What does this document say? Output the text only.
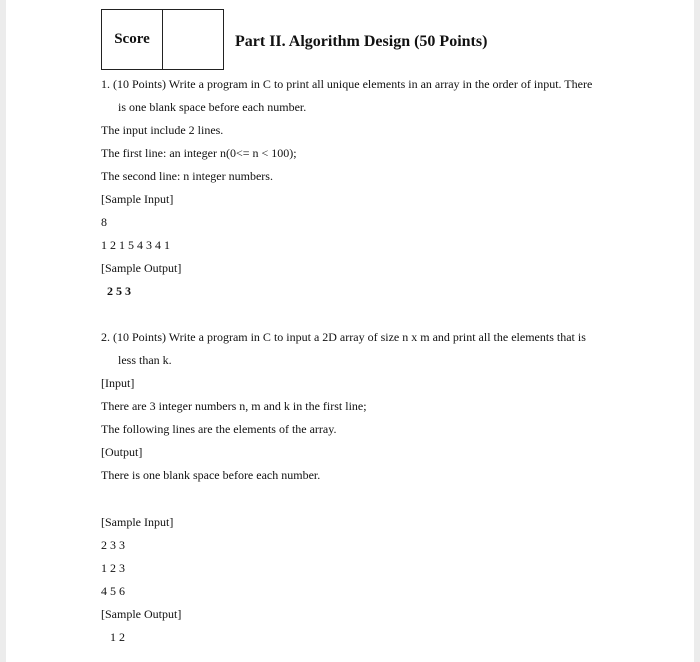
Score	Part II. Algorithm Design (50 Points)
1. (10 Points) Write a program in C to print all unique elements in an array in the order of input. There
is one blank space before each number.
The input include 2 lines.
The first line: an integer n(0<= n < 100);
The second line: n integer numbers.
[Sample Input]
8
1 2 1 5 4 3 4 1
[Sample Output]
2 5 3
2. (10 Points) Write a program in C to input a 2D array of size n x m and print all the elements that is
less than k.
[Input]
There are 3 integer numbers n, m and k in the first line;
The following lines are the elements of the array.
[Output]
There is one blank space before each number.
[Sample Input]
2 3 3
1 2 3
4 5 6
[Sample Output]
1 2
